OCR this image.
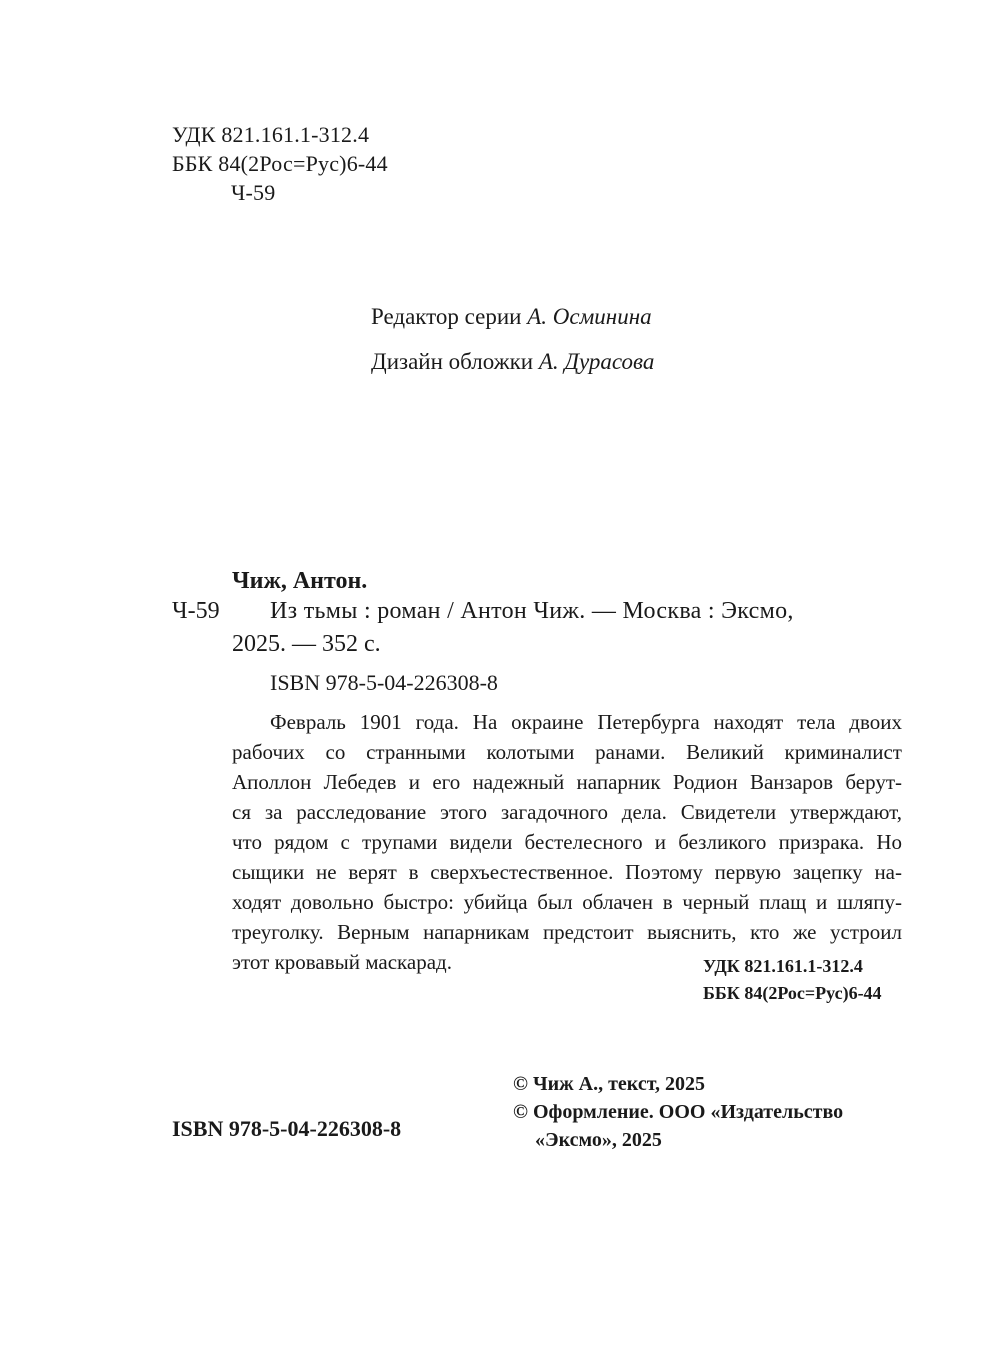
УДК 821.161.1-312.4
ББК 84(2Рос=Рус)6-44
Ч-59
Редактор серии А. Осминина
Дизайн обложки А. Дурасова
Чиж, Антон.
Ч-59 Из тьмы : роман / Антон Чиж. — Москва : Эксмо,
2025. — 352 с.
ISBN 978-5-04-226308-8
Февраль 1901 года. На окраине Петербурга находят тела двоих
рабочих со странными колотыми ранами. Великий криминалист
Аполлон Лебедев и его надежный напарник Родион Ванзаров берут-
ся за расследование этого загадочного дела. Свидетели утверждают,
что рядом с трупами видели бестелесного и безликого призрака. Но
сыщики не верят в сверхъестественное. Поэтому первую зацепку на-
ходят довольно быстро: убийца был облачен в черный плащ и шляпу-
треуголку. Верным напарникам предстоит выяснить, кто же устроил
этот кровавый маскарад.	УДК 821.161.1-312.4
ББК 84(2Рос=Рус)6-44
© Чиж А., текст, 2025
© Оформление. ООО «Издательство
«Эксмо», 2025
ISBN 978-5-04-226308-8
